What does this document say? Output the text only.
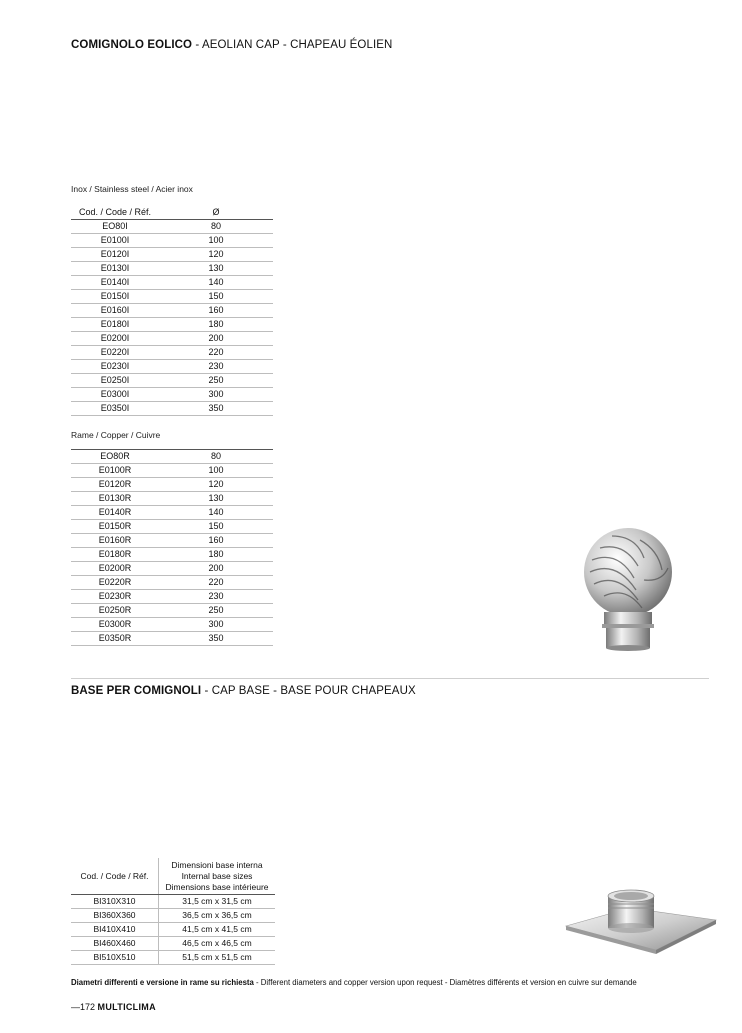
COMIGNOLO EOLICO - AEOLIAN CAP - CHAPEAU ÉOLIEN
Inox / Stainless steel / Acier inox
Cod. / Code / Réf.	Ø
EO80I	80
E0100I	100
E0120I	120
E0130I	130
E0140I	140
E0150I	150
E0160I	160
E0180I	180
E0200I	200
E0220I	220
E0230I	230
E0250I	250
E0300I	300
E0350I	350
Rame / Copper / Cuivre
EO80R	80
E0100R	100
E0120R	120
E0130R	130
E0140R	140
E0150R	150
E0160R	160
E0180R	180
E0200R	200
E0220R	220
E0230R	230
E0250R	250
E0300R	300
E0350R	350
BASE PER COMIGNOLI - CAP BASE - BASE POUR CHAPEAUX
Cod. / Code / Réf.	Dimensioni base interna
Internal base sizes
Dimensions base intérieure

BI310X310	31,5 cm x 31,5 cm
BI360X360	36,5 cm x 36,5 cm
BI410X410	41,5 cm x 41,5 cm
BI460X460	46,5 cm x 46,5 cm
BI510X510	51,5 cm x 51,5 cm
Diametri differenti e versione in rame su richiesta - Different diameters and copper version upon request - Diamètres différents et version en cuivre sur demande
—172 MULTICLIMA
